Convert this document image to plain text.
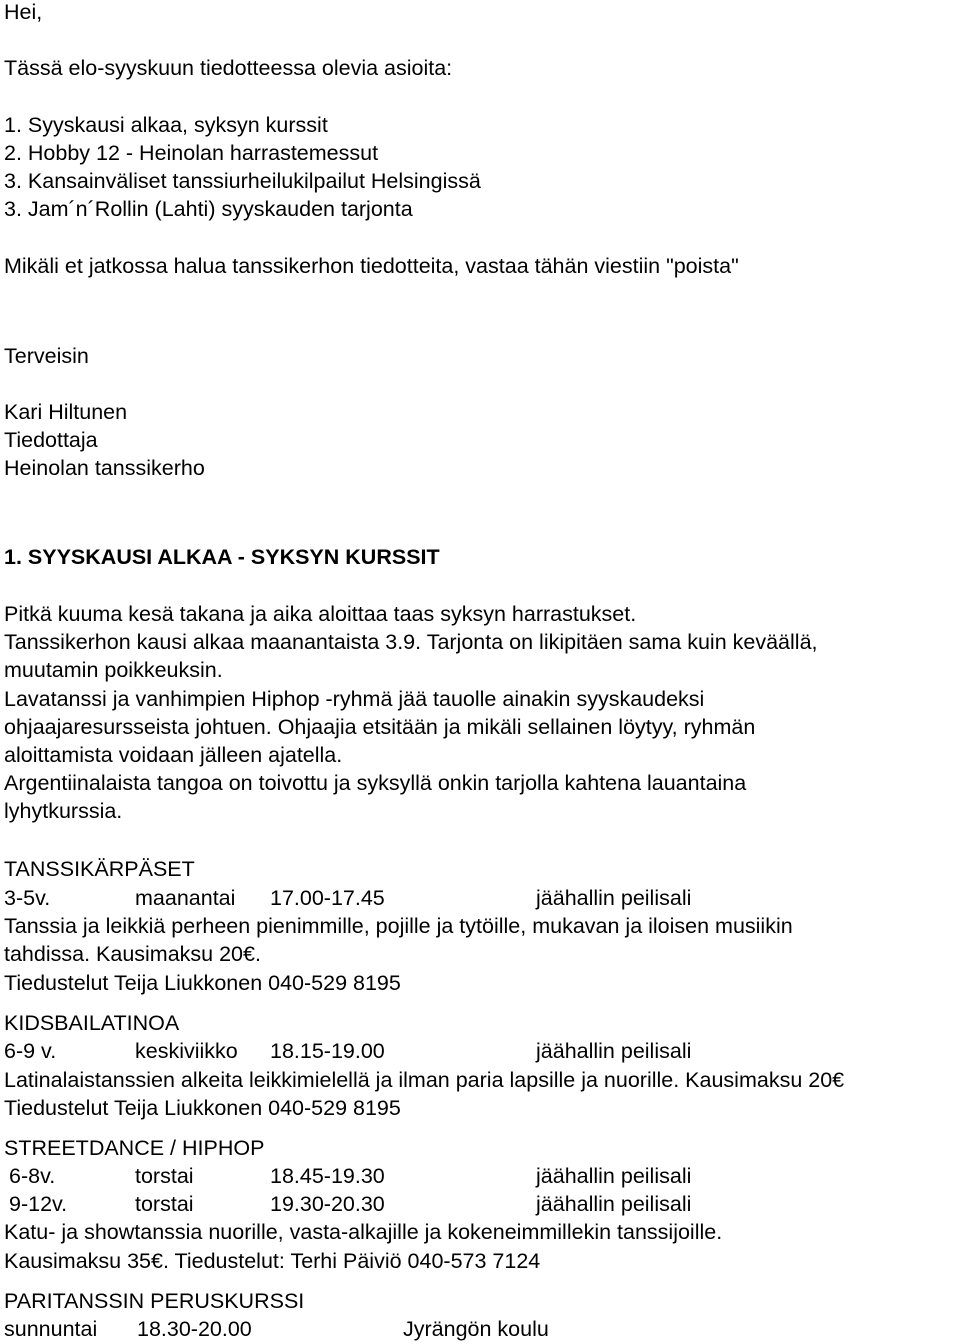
Hei,
Tässä elo-syyskuun tiedotteessa olevia asioita:
1. Syyskausi alkaa, syksyn kurssit
2. Hobby 12 - Heinolan harrastemessut
3. Kansainväliset tanssiurheilukilpailut Helsingissä
3. Jam´n´Rollin (Lahti) syyskauden tarjonta
Mikäli et jatkossa halua tanssikerhon tiedotteita, vastaa tähän viestiin "poista"
Terveisin
Kari Hiltunen
Tiedottaja
Heinolan tanssikerho
1. SYYSKAUSI ALKAA - SYKSYN KURSSIT
Pitkä kuuma kesä takana ja aika aloittaa taas syksyn harrastukset.
Tanssikerhon kausi alkaa maanantaista 3.9. Tarjonta on likipitäen sama kuin keväällä,
muutamin poikkeuksin.
Lavatanssi ja vanhimpien Hiphop -ryhmä jää tauolle ainakin syyskaudeksi
ohjaajaresursseista johtuen. Ohjaajia etsitään ja mikäli sellainen löytyy, ryhmän
aloittamista voidaan jälleen ajatella.
Argentiinalaista tangoa on toivottu ja syksyllä onkin tarjolla kahtena lauantaina
lyhytkurssia.
TANSSIKÄRPÄSET
3-5v.	maanantai 17.00-17.45	jäähallin peilisali
Tanssia ja leikkiä perheen pienimmille, pojille ja tytöille, mukavan ja iloisen musiikin
tahdissa. Kausimaksu 20€.
Tiedustelut Teija Liukkonen 040-529 8195
KIDSBAILATINOA
6-9 v.	keskiviikko 18.15-19.00	jäähallin peilisali
Latinalaistanssien alkeita leikkimielellä ja ilman paria lapsille ja nuorille. Kausimaksu 20€
Tiedustelut Teija Liukkonen 040-529 8195
STREETDANCE / HIPHOP
6-8v.	torstai	18.45-19.30	jäähallin peilisali
9-12v.	torstai	19.30-20.30	jäähallin peilisali
Katu- ja showtanssia nuorille, vasta-alkajille ja kokeneimmillekin tanssijoille.
Kausimaksu 35€. Tiedustelut: Terhi Päiviö 040-573 7124
PARITANSSIN PERUSKURSSI
sunnuntai 18.30-20.00	Jyrängön koulu
